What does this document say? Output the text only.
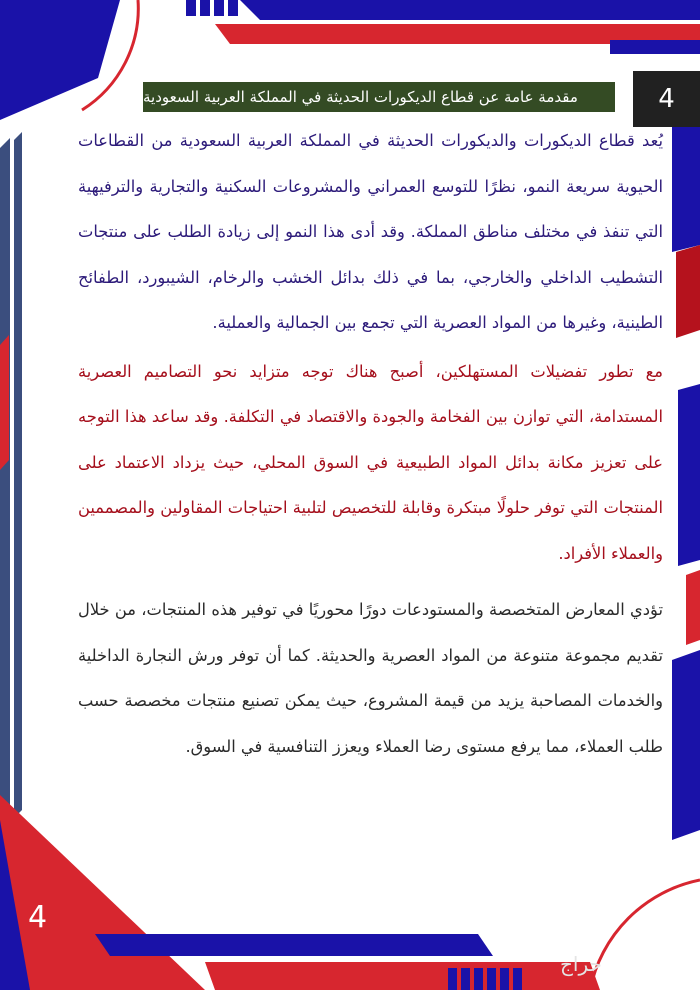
4
مقدمة عامة عن قطاع الديكورات الحديثة في المملكة العربية السعودية

يُعد قطاع الديكورات والديكورات الحديثة في المملكة العربية السعودية من القطاعات الحيوية سريعة النمو، نظرًا للتوسع العمراني والمشروعات السكنية والتجارية والترفيهية التي تنفذ في مختلف مناطق المملكة. وقد أدى هذا النمو إلى زيادة الطلب على منتجات التشطيب الداخلي والخارجي، بما في ذلك بدائل الخشب والرخام، الشيبورد، الطفائح الطينية، وغيرها من المواد العصرية التي تجمع بين الجمالية والعملية.

مع تطور تفضيلات المستهلكين، أصبح هناك توجه متزايد نحو التصاميم العصرية المستدامة، التي توازن بين الفخامة والجودة والاقتصاد في التكلفة. وقد ساعد هذا التوجه على تعزيز مكانة بدائل المواد الطبيعية في السوق المحلي، حيث يزداد الاعتماد على المنتجات التي توفر حلولًا مبتكرة وقابلة للتخصيص لتلبية احتياجات المقاولين والمصممين والعملاء الأفراد.

تؤدي المعارض المتخصصة والمستودعات دورًا محوريًا في توفير هذه المنتجات، من خلال تقديم مجموعة متنوعة من المواد العصرية والحديثة. كما أن توفر ورش النجارة الداخلية والخدمات المصاحبة يزيد من قيمة المشروع، حيث يمكن تصنيع منتجات مخصصة حسب طلب العملاء، مما يرفع مستوى رضا العملاء ويعزز التنافسية في السوق.

4
حراج
